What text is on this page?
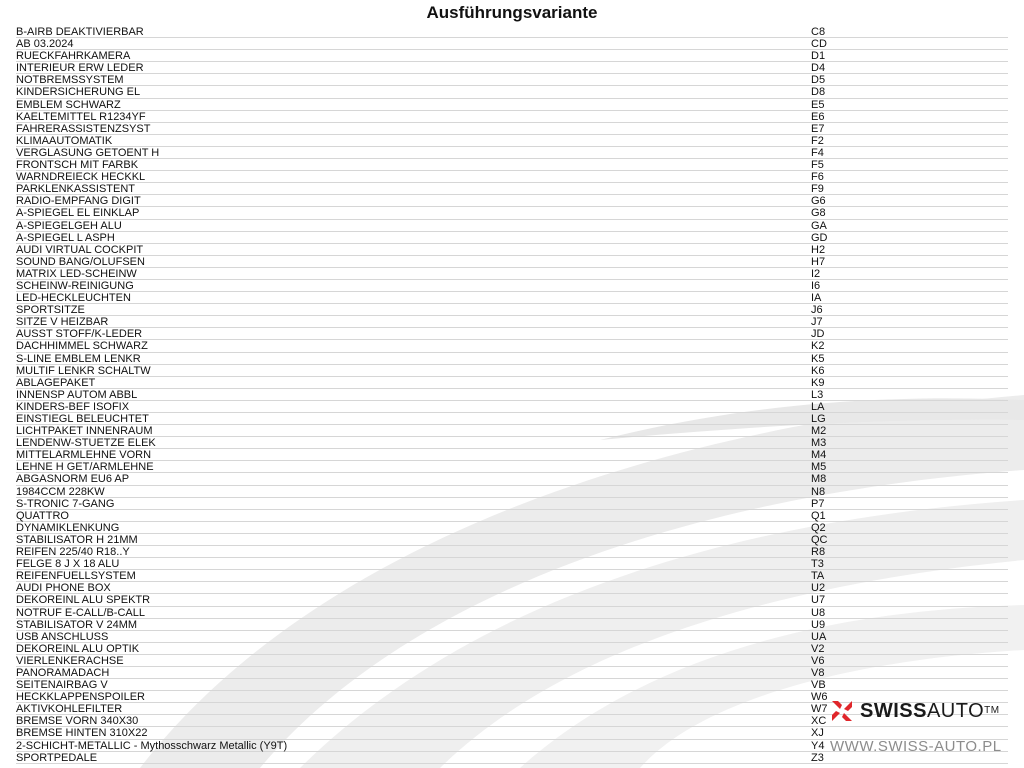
Ausführungsvariante
B-AIRB DEAKTIVIERBAR	C8
AB 03.2024	CD
RUECKFAHRKAMERA	D1
INTERIEUR ERW LEDER	D4
NOTBREMSSYSTEM	D5
KINDERSICHERUNG EL	D8
EMBLEM SCHWARZ	E5
KAELTEMITTEL R1234YF	E6
FAHRERASSISTENZSYST	E7
KLIMAAUTOMATIK	F2
VERGLASUNG GETOENT H	F4
FRONTSCH MIT FARBK	F5
WARNDREIECK HECKKL	F6
PARKLENKASSISTENT	F9
RADIO-EMPFANG DIGIT	G6
A-SPIEGEL EL EINKLAP	G8
A-SPIEGELGEH ALU	GA
A-SPIEGEL L ASPH	GD
AUDI VIRTUAL COCKPIT	H2
SOUND BANG/OLUFSEN	H7
MATRIX LED-SCHEINW	I2
SCHEINW-REINIGUNG	I6
LED-HECKLEUCHTEN	IA
SPORTSITZE	J6
SITZE V HEIZBAR	J7
AUSST STOFF/K-LEDER	JD
DACHHIMMEL SCHWARZ	K2
S-LINE EMBLEM LENKR	K5
MULTIF LENKR SCHALTW	K6
ABLAGEPAKET	K9
INNENSP AUTOM ABBL	L3
KINDERS-BEF ISOFIX	LA
EINSTIEGL BELEUCHTET	LG
LICHTPAKET INNENRAUM	M2
LENDENW-STUETZE ELEK	M3
MITTELARMLEHNE VORN	M4
LEHNE H GET/ARMLEHNE	M5
ABGASNORM EU6 AP	M8
1984CCM 228KW	N8
S-TRONIC 7-GANG	P7
QUATTRO	Q1
DYNAMIKLENKUNG	Q2
STABILISATOR H 21MM	QC
REIFEN 225/40 R18..Y	R8
FELGE 8 J X 18 ALU	T3
REIFENFUELLSYSTEM	TA
AUDI PHONE BOX	U2
DEKOREINL ALU SPEKTR	U7
NOTRUF E-CALL/B-CALL	U8
STABILISATOR V 24MM	U9
USB ANSCHLUSS	UA
DEKOREINL ALU OPTIK	V2
VIERLENKERACHSE	V6
PANORAMADACH	V8
SEITENAIRBAG V	VB
HECKKLAPPENSPOILER	W6
AKTIVKOHLEFILTER	W7
BREMSE VORN 340X30	XC
BREMSE HINTEN 310X22	XJ
2-SCHICHT-METALLIC - Mythosschwarz Metallic (Y9T)	Y4
SPORTPEDALE	Z3
SWISSAUTO™
WWW.SWISS-AUTO.PL
